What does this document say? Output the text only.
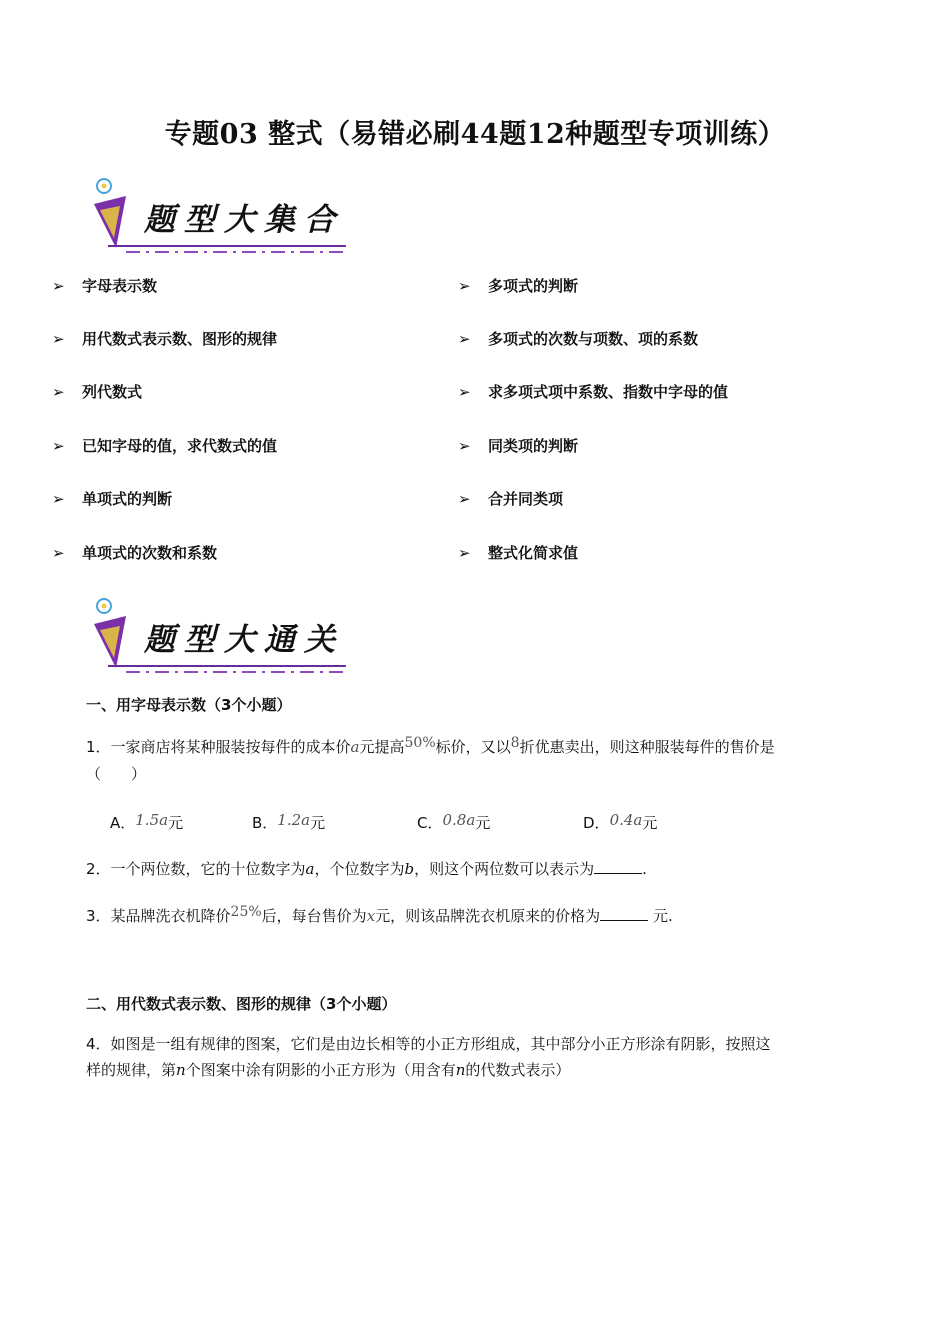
专题03 整式（易错必刷44题12种题型专项训练）
题型大集合
➢	字母表示数
➢	用代数式表示数、图形的规律
➢	列代数式
➢	已知字母的值，求代数式的值
➢	单项式的判断
➢	单项式的次数和系数
➢	多项式的判断
➢	多项式的次数与项数、项的系数
➢	求多项式项中系数、指数中字母的值
➢	同类项的判断
➢	合并同类项
➢	整式化简求值
题型大通关
一、用字母表示数（3个小题）
1．一家商店将某种服装按每件的成本价a元提高50%标价，又以8折优惠卖出，则这种服装每件的售价是
（　　）
A．1.5a元	B．1.2a元	C．0.8a元	D．0.4a元
2．一个两位数，它的十位数字为a，个位数字为b，则这个两位数可以表示为	.
3．某品牌洗衣机降价25%后，每台售价为x元，则该品牌洗衣机原来的价格为	元.
二、用代数式表示数、图形的规律（3个小题）
4．如图是一组有规律的图案，它们是由边长相等的小正方形组成，其中部分小正方形涂有阴影，按照这
样的规律，第n个图案中涂有阴影的小正方形为（用含有n的代数式表示）
